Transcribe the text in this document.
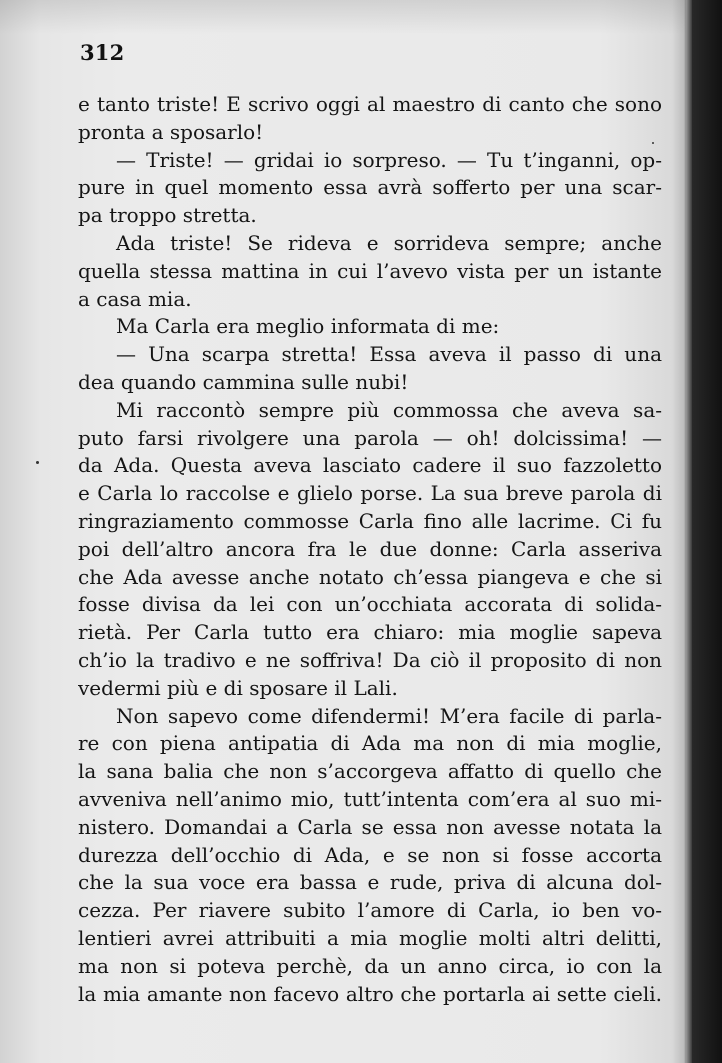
312
e tanto triste! E scrivo oggi al maestro di canto che sono
pronta a sposarlo!
— Triste! — gridai io sorpreso. — Tu t’inganni, op-
pure in quel momento essa avrà sofferto per una scar-
pa troppo stretta.
Ada triste! Se rideva e sorrideva sempre; anche
quella stessa mattina in cui l’avevo vista per un istante
a casa mia.
Ma Carla era meglio informata di me:
— Una scarpa stretta! Essa aveva il passo di una
dea quando cammina sulle nubi!
Mi raccontò sempre più commossa che aveva sa-
puto farsi rivolgere una parola — oh! dolcissima! —
da Ada. Questa aveva lasciato cadere il suo fazzoletto
e Carla lo raccolse e glielo porse. La sua breve parola di
ringraziamento commosse Carla fino alle lacrime. Ci fu
poi dell’altro ancora fra le due donne: Carla asseriva
che Ada avesse anche notato ch’essa piangeva e che si
fosse divisa da lei con un’occhiata accorata di solida-
rietà. Per Carla tutto era chiaro: mia moglie sapeva
ch’io la tradivo e ne soffriva! Da ciò il proposito di non
vedermi più e di sposare il Lali.
Non sapevo come difendermi! M’era facile di parla-
re con piena antipatia di Ada ma non di mia moglie,
la sana balia che non s’accorgeva affatto di quello che
avveniva nell’animo mio, tutt’intenta com’era al suo mi-
nistero. Domandai a Carla se essa non avesse notata la
durezza dell’occhio di Ada, e se non si fosse accorta
che la sua voce era bassa e rude, priva di alcuna dol-
cezza. Per riavere subito l’amore di Carla, io ben vo-
lentieri avrei attribuiti a mia moglie molti altri delitti,
ma non si poteva perchè, da un anno circa, io con la
la mia amante non facevo altro che portarla ai sette cieli.
